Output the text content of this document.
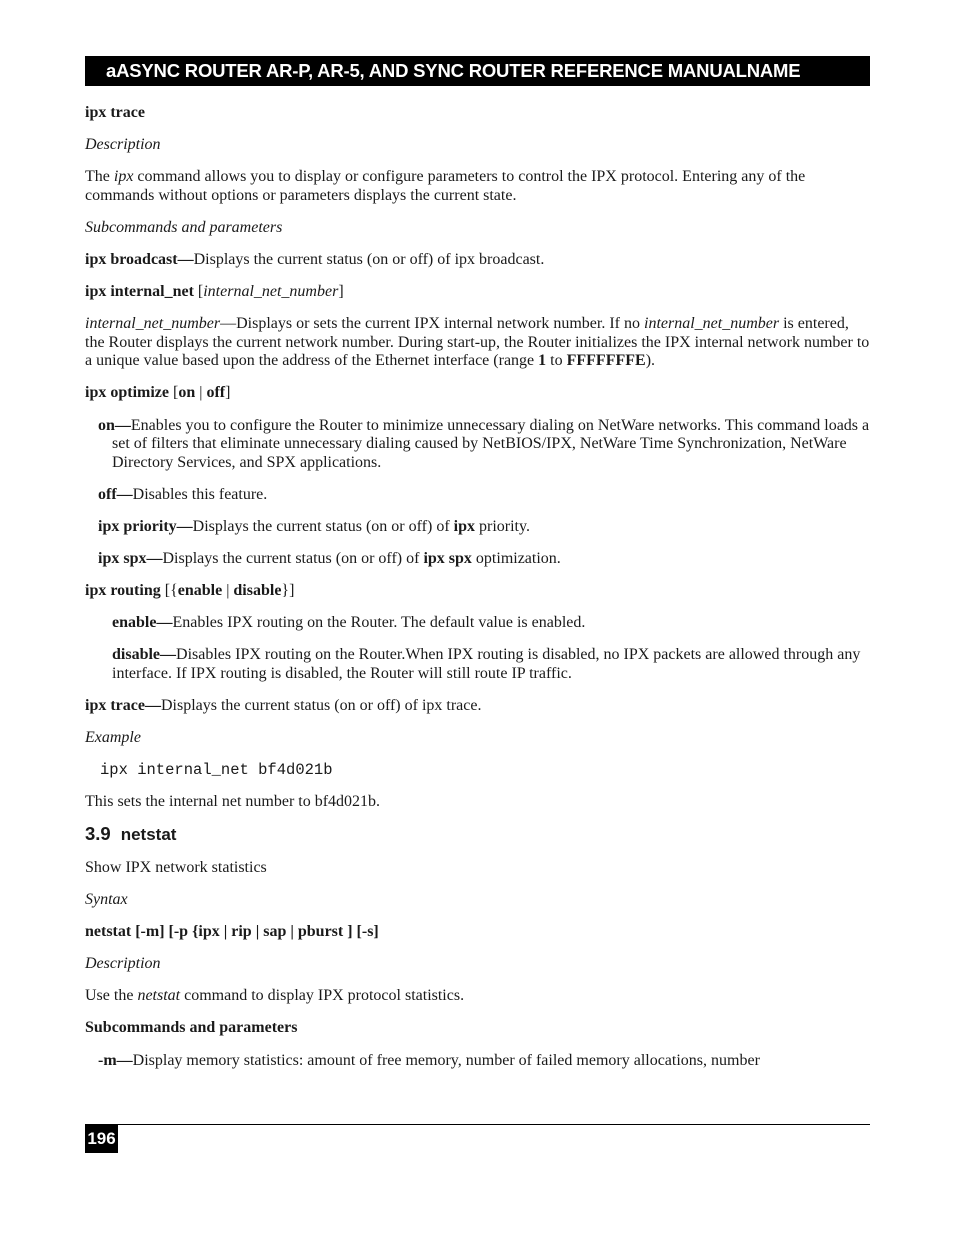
aASYNC ROUTER AR-P, AR-5, AND SYNC ROUTER REFERENCE MANUALNAME

ipx trace

Description

The ipx command allows you to display or configure parameters to control the IPX protocol. Entering any of the commands without options or parameters displays the current state.

Subcommands and parameters

ipx broadcast—Displays the current status (on or off) of ipx broadcast.

ipx internal_net [internal_net_number]

internal_net_number—Displays or sets the current IPX internal network number. If no internal_net_number is entered, the Router displays the current network number. During start-up, the Router initializes the IPX internal network number to a unique value based upon the address of the Ethernet interface (range 1 to FFFFFFFE).

ipx optimize [on | off]

on—Enables you to configure the Router to minimize unnecessary dialing on NetWare networks. This command loads a set of filters that eliminate unnecessary dialing caused by NetBIOS/IPX, NetWare Time Synchronization, NetWare Directory Services, and SPX applications.

off—Disables this feature.

ipx priority—Displays the current status (on or off) of ipx priority.

ipx spx—Displays the current status (on or off) of ipx spx optimization.

ipx routing [{enable | disable}]

enable—Enables IPX routing on the Router. The default value is enabled.

disable—Disables IPX routing on the Router.When IPX routing is disabled, no IPX packets are allowed through any interface. If IPX routing is disabled, the Router will still route IP traffic.

ipx trace—Displays the current status (on or off) of ipx trace.

Example

ipx internal_net bf4d021b

This sets the internal net number to bf4d021b.

3.9 netstat

Show IPX network statistics

Syntax

netstat [-m] [-p {ipx | rip | sap | pburst ] [-s]

Description

Use the netstat command to display IPX protocol statistics.

Subcommands and parameters

-m—Display memory statistics: amount of free memory, number of failed memory allocations, number

196
